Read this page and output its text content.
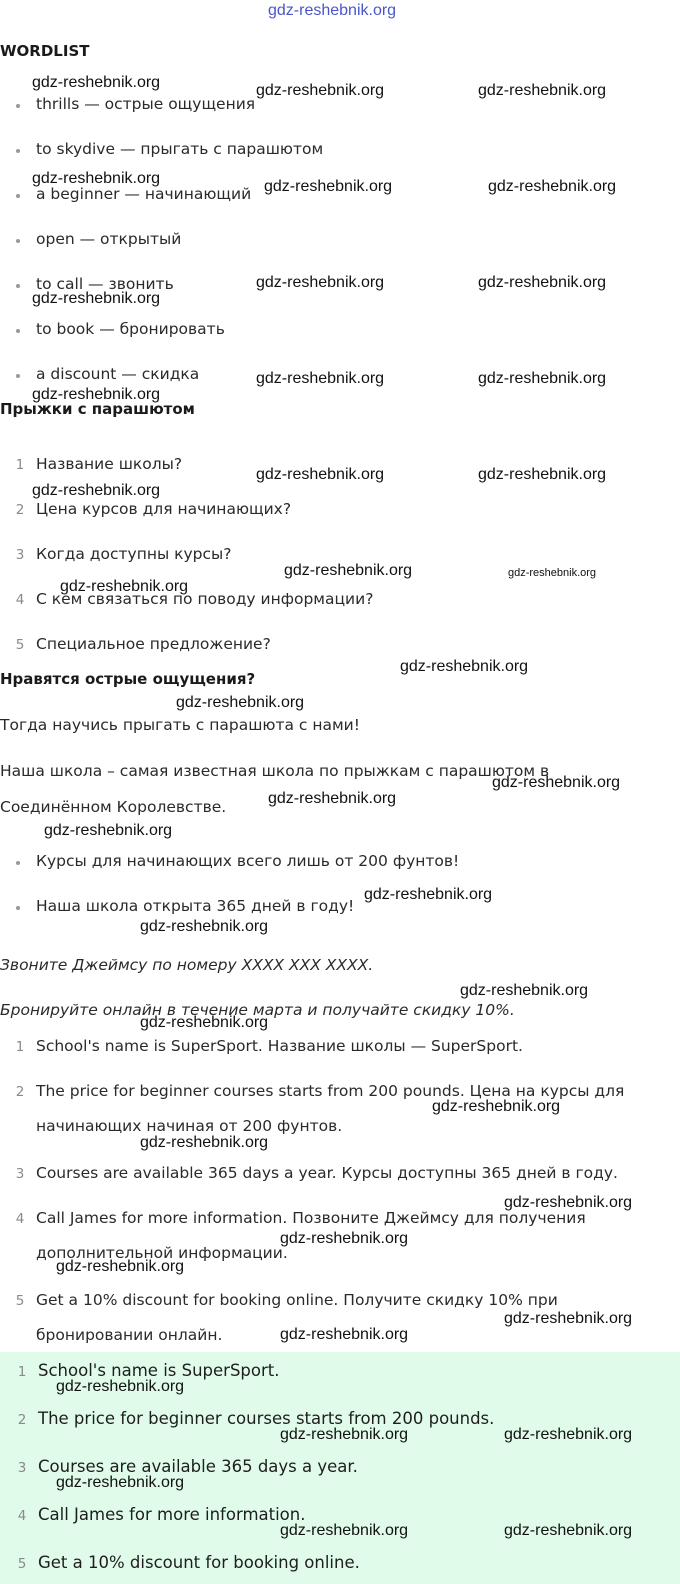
WORDLIST
thrills — острые ощущения
to skydive — прыгать с парашютом
a beginner — начинающий
open — открытый
to call — звонить
to book — бронировать
a discount — скидка
Прыжки с парашютом
1 Название школы?
2 Цена курсов для начинающих?
3 Когда доступны курсы?
4 С кем связаться по поводу информации?
5 Специальное предложение?
Нравятся острые ощущения?
Тогда научись прыгать с парашюта с нами!
Наша школа – самая известная школа по прыжкам с парашютом в
Соединённом Королевстве.
Курсы для начинающих всего лишь от 200 фунтов!
Наша школа открыта 365 дней в году!
Звоните Джеймсу по номеру XXXX XXX XXXX.
Бронируйте онлайн в течение марта и получайте скидку 10%.
1 School's name is SuperSport. Название школы — SuperSport.
2 The price for beginner courses starts from 200 pounds. Цена на курсы для
начинающих начиная от 200 фунтов.
3 Courses are available 365 days a year. Курсы доступны 365 дней в году.
4 Call James for more information. Позвоните Джеймсу для получения
дополнительной информации.
5 Get a 10% discount for booking online. Получите скидку 10% при
бронировании онлайн.
1 School's name is SuperSport.
2 The price for beginner courses starts from 200 pounds.
3 Courses are available 365 days a year.
4 Call James for more information.
5 Get a 10% discount for booking online.
gdz-reshebnik.org
gdz-reshebnik.org	gdz-reshebnik.org	gdz-reshebnik.org
gdz-reshebnik.org	gdz-reshebnik.org	gdz-reshebnik.org
gdz-reshebnik.org	gdz-reshebnik.org
gdz-reshebnik.org
gdz-reshebnik.org	gdz-reshebnik.org
gdz-reshebnik.org
gdz-reshebnik.org	gdz-reshebnik.org
gdz-reshebnik.org
gdz-reshebnik.org	gdz-reshebnik.org
gdz-reshebnik.org
gdz-reshebnik.org
gdz-reshebnik.org
gdz-reshebnik.org
gdz-reshebnik.org
gdz-reshebnik.org
gdz-reshebnik.org
gdz-reshebnik.org
gdz-reshebnik.org
gdz-reshebnik.org
gdz-reshebnik.org
gdz-reshebnik.org
gdz-reshebnik.org
gdz-reshebnik.org
gdz-reshebnik.org
gdz-reshebnik.org
gdz-reshebnik.org
gdz-reshebnik.org
gdz-reshebnik.org	gdz-reshebnik.org
gdz-reshebnik.org
gdz-reshebnik.org	gdz-reshebnik.org
